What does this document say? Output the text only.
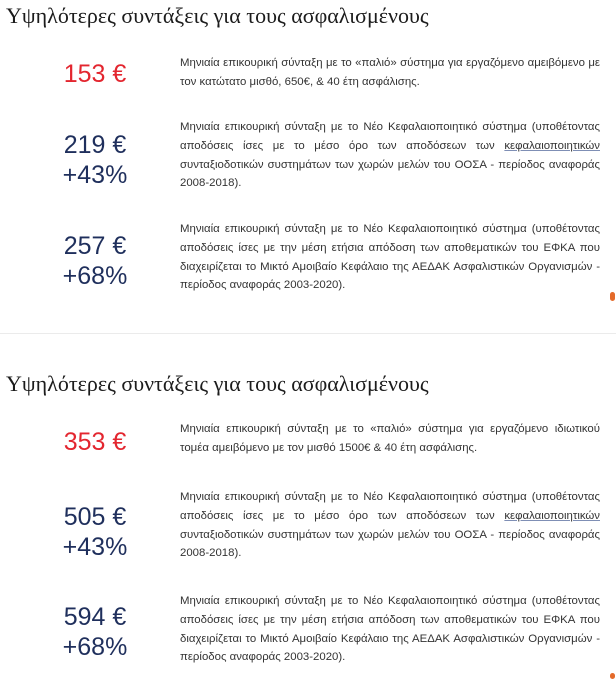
Υψηλότερες συντάξεις για τους ασφαλισμένους
153 €	Μηνιαία επικουρική σύνταξη με το «παλιό» σύστημα για εργαζόμενο αμειβόμενο με τον κατώτατο μισθό, 650€, & 40 έτη ασφάλισης.

219 €
+43%

Μηνιαία επικουρική σύνταξη με το Νέο Κεφαλαιοποιητικό σύστημα (υποθέτοντας αποδόσεις ίσες με το μέσο όρο των αποδόσεων των κεφαλαιοποιητικών συνταξιοδοτικών συστημάτων των χωρών μελών του ΟΟΣΑ - περίοδος αναφοράς 2008-2018).

257 €
+68%

Μηνιαία επικουρική σύνταξη με το Νέο Κεφαλαιοποιητικό σύστημα (υποθέτοντας αποδόσεις ίσες με την μέση ετήσια απόδοση των αποθεματικών του ΕΦΚΑ που διαχειρίζεται το Μικτό Αμοιβαίο Κεφάλαιο της ΑΕΔΑΚ Ασφαλιστικών Οργανισμών - περίοδος αναφοράς 2003-2020).

Υψηλότερες συντάξεις για τους ασφαλισμένους
353 €	Μηνιαία επικουρική σύνταξη με το «παλιό» σύστημα για εργαζόμενο ιδιωτικού τομέα αμειβόμενο με τον μισθό 1500€ & 40 έτη ασφάλισης.

505 €
+43%

Μηνιαία επικουρική σύνταξη με το Νέο Κεφαλαιοποιητικό σύστημα (υποθέτοντας αποδόσεις ίσες με το μέσο όρο των αποδόσεων των κεφαλαιοποιητικών συνταξιοδοτικών συστημάτων των χωρών μελών του ΟΟΣΑ - περίοδος αναφοράς 2008-2018).

594 €
+68%

Μηνιαία επικουρική σύνταξη με το Νέο Κεφαλαιοποιητικό σύστημα (υποθέτοντας αποδόσεις ίσες με την μέση ετήσια απόδοση των αποθεματικών του ΕΦΚΑ που διαχειρίζεται το Μικτό Αμοιβαίο Κεφάλαιο της ΑΕΔΑΚ Ασφαλιστικών Οργανισμών - περίοδος αναφοράς 2003-2020).
